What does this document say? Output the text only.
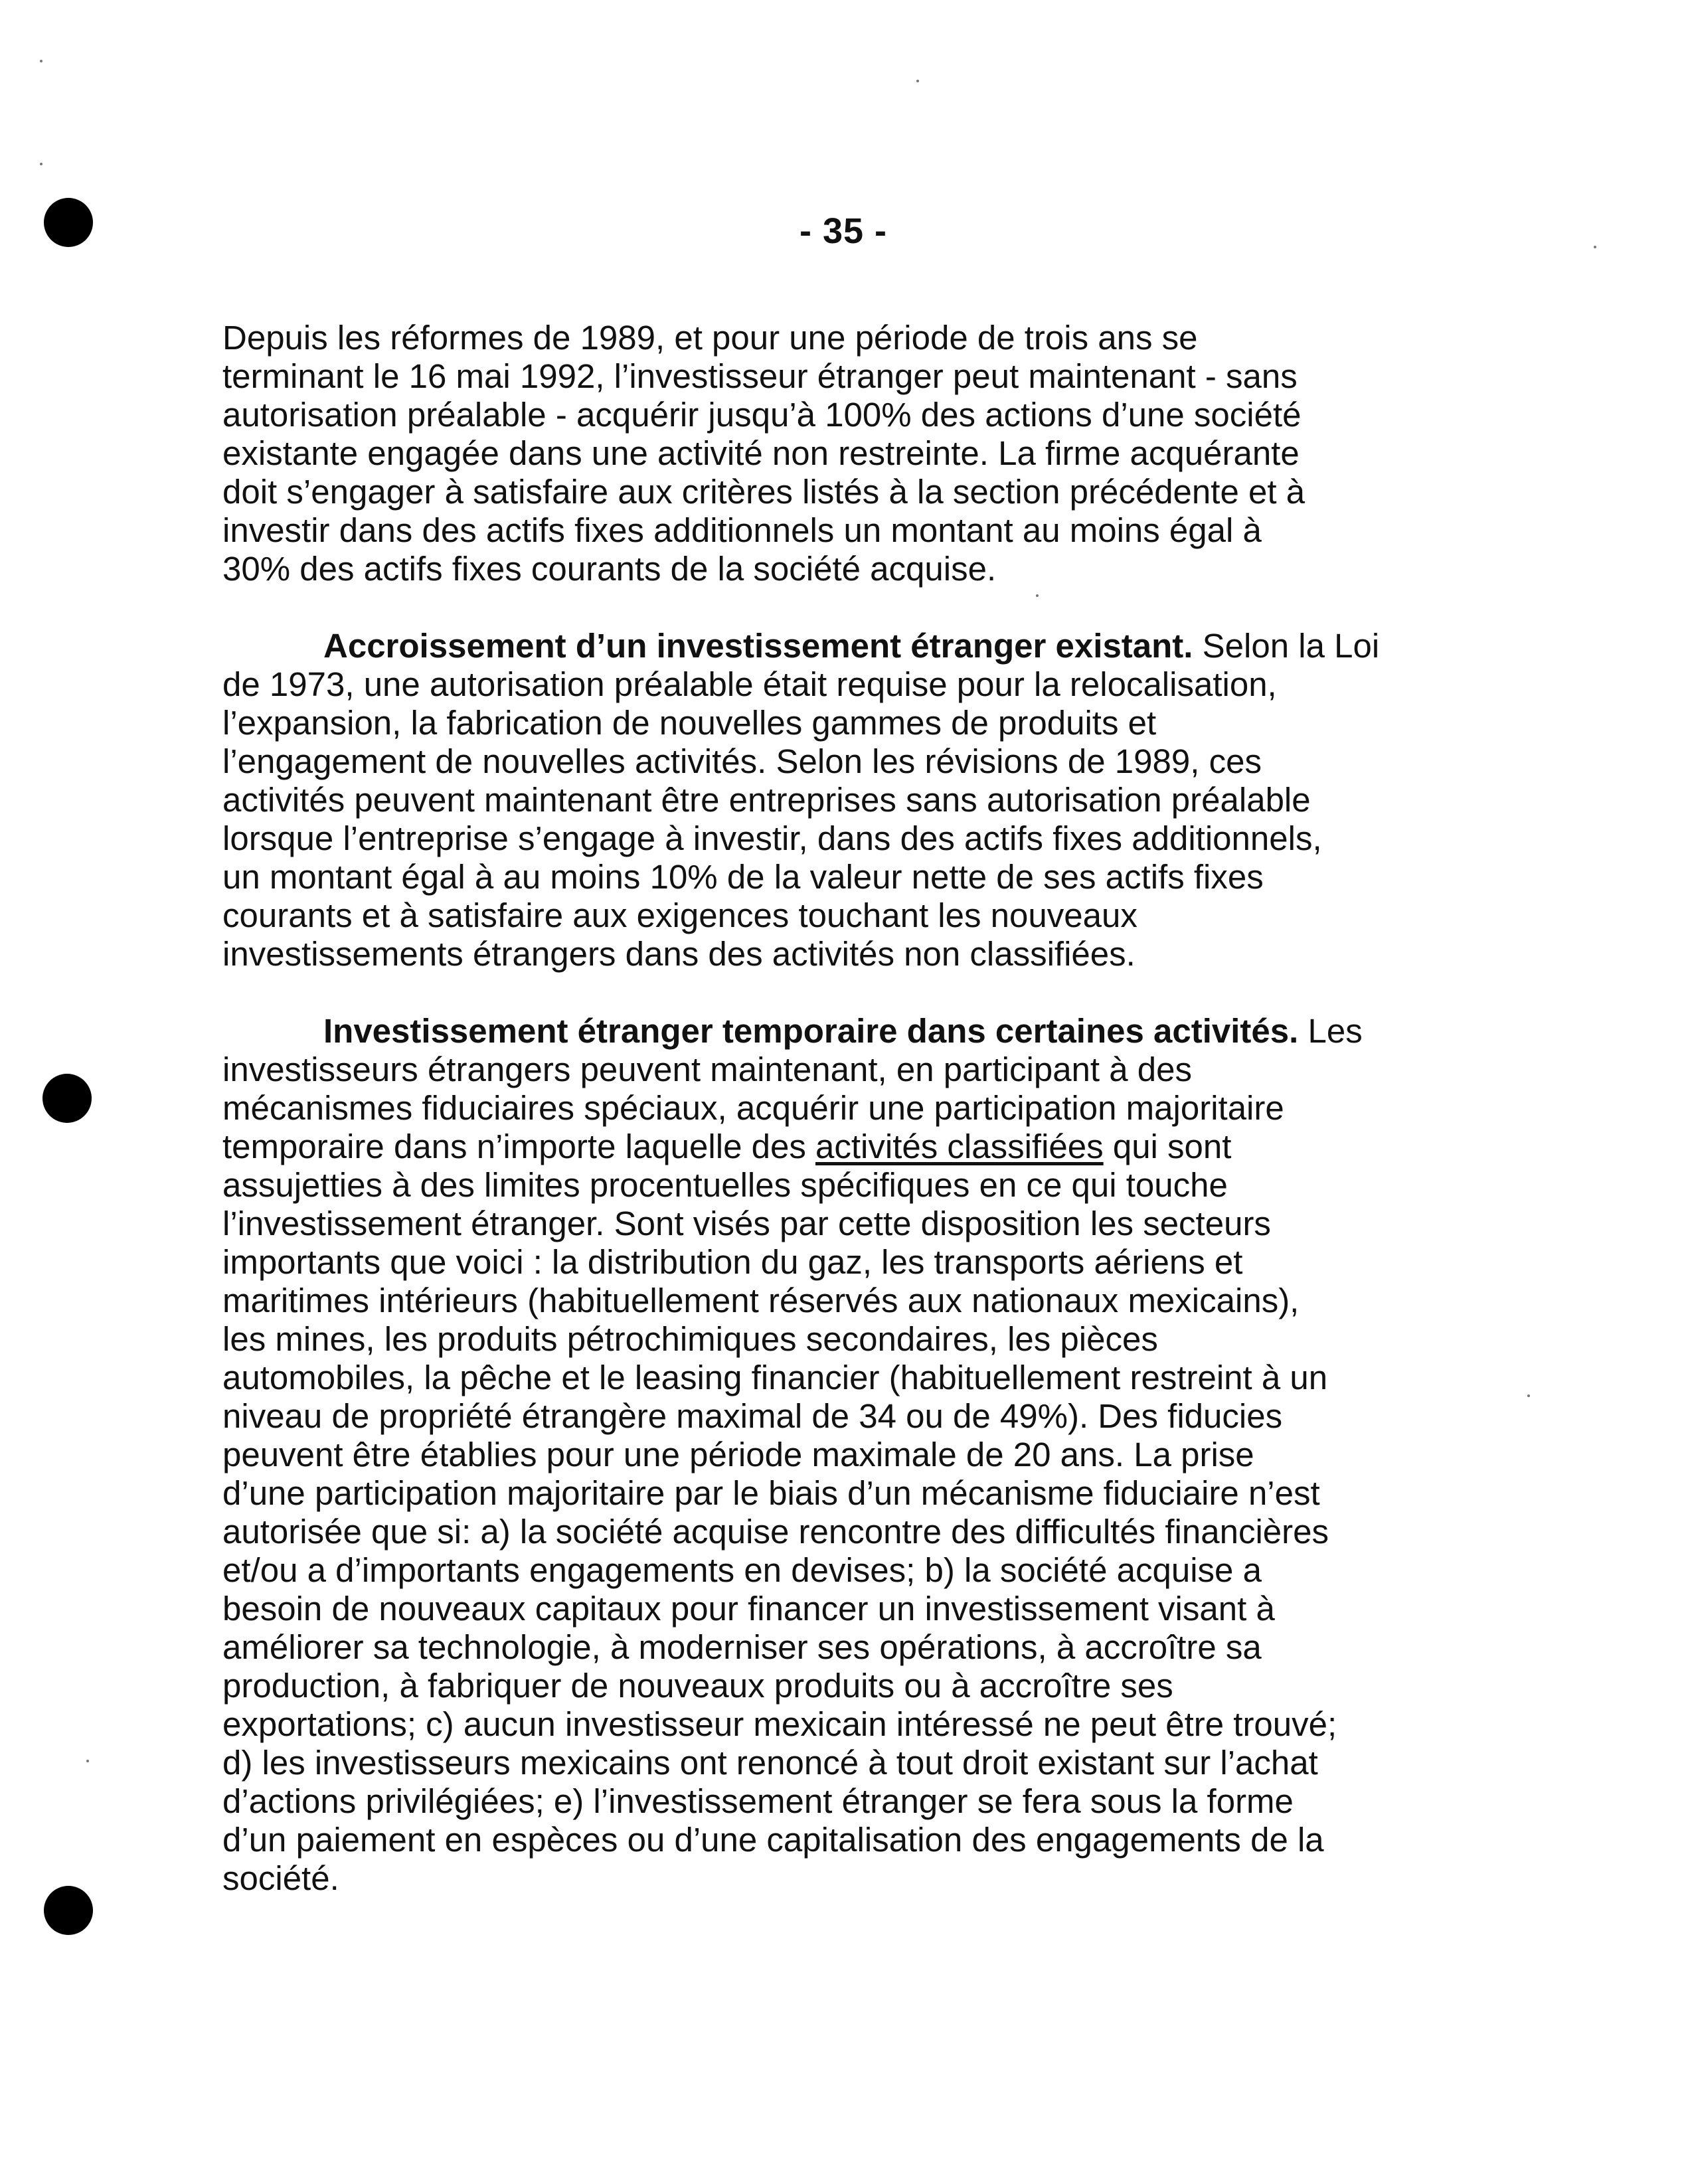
- 35 -
Depuis les réformes de 1989, et pour une période de trois ans se
terminant le 16 mai 1992, l’investisseur étranger peut maintenant - sans
autorisation préalable - acquérir jusqu’à 100% des actions d’une société
existante engagée dans une activité non restreinte. La firme acquérante
doit s’engager à satisfaire aux critères listés à la section précédente et à
investir dans des actifs fixes additionnels un montant au moins égal à
30% des actifs fixes courants de la société acquise.
Accroissement d’un investissement étranger existant. Selon la Loi
de 1973, une autorisation préalable était requise pour la relocalisation,
l’expansion, la fabrication de nouvelles gammes de produits et
l’engagement de nouvelles activités. Selon les révisions de 1989, ces
activités peuvent maintenant être entreprises sans autorisation préalable
lorsque l’entreprise s’engage à investir, dans des actifs fixes additionnels,
un montant égal à au moins 10% de la valeur nette de ses actifs fixes
courants et à satisfaire aux exigences touchant les nouveaux
investissements étrangers dans des activités non classifiées.
Investissement étranger temporaire dans certaines activités. Les
investisseurs étrangers peuvent maintenant, en participant à des
mécanismes fiduciaires spéciaux, acquérir une participation majoritaire
temporaire dans n’importe laquelle des activités classifiées qui sont
assujetties à des limites procentuelles spécifiques en ce qui touche
l’investissement étranger. Sont visés par cette disposition les secteurs
importants que voici : la distribution du gaz, les transports aériens et
maritimes intérieurs (habituellement réservés aux nationaux mexicains),
les mines, les produits pétrochimiques secondaires, les pièces
automobiles, la pêche et le leasing financier (habituellement restreint à un
niveau de propriété étrangère maximal de 34 ou de 49%). Des fiducies
peuvent être établies pour une période maximale de 20 ans. La prise
d’une participation majoritaire par le biais d’un mécanisme fiduciaire n’est
autorisée que si: a) la société acquise rencontre des difficultés financières
et/ou a d’importants engagements en devises; b) la société acquise a
besoin de nouveaux capitaux pour financer un investissement visant à
améliorer sa technologie, à moderniser ses opérations, à accroître sa
production, à fabriquer de nouveaux produits ou à accroître ses
exportations; c) aucun investisseur mexicain intéressé ne peut être trouvé;
d) les investisseurs mexicains ont renoncé à tout droit existant sur l’achat
d’actions privilégiées; e) l’investissement étranger se fera sous la forme
d’un paiement en espèces ou d’une capitalisation des engagements de la
société.
